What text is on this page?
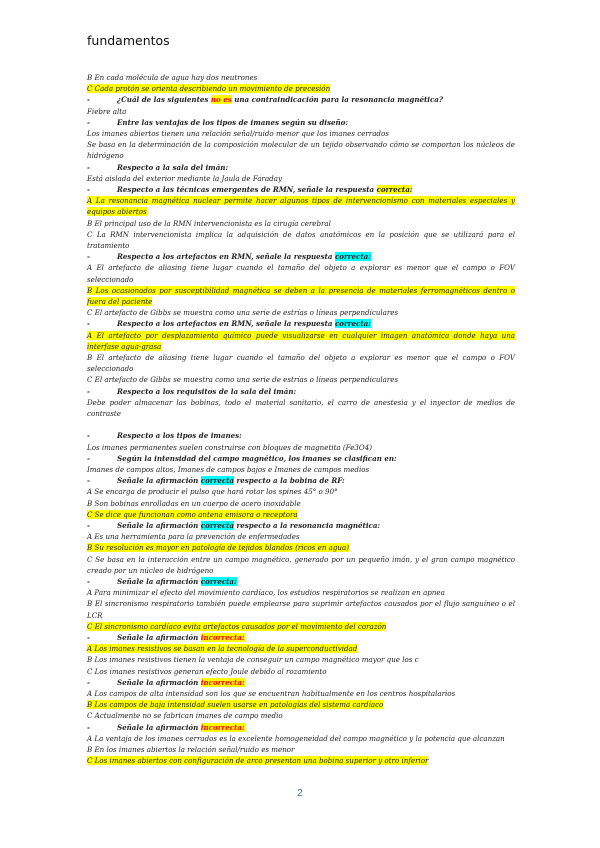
fundamentos

B En cada molécula de agua hay dos neutrones

C Cada protón se orienta describiendo un movimiento de precesión

-	¿Cuál de las siguientes no es una contraindicación para la resonancia magnética?

Fiebre alta

-	Entre las ventajas de los tipos de imanes según su diseño:

Los imanes abiertos tienen una relación señal/ruido menor que los imanes cerrados

Se basa en la determinación de la composición molecular de un tejido observando cómo se comportan los núcleos de hidrógeno

-	Respecto a la sala del imán:

Está aislada del exterior mediante la Jaula de Faraday

-	Respecto a las técnicas emergentes de RMN, señale la respuesta correcta:

A La resonancia magnética nuclear permite hacer algunos tipos de intervencionismo con materiales especiales y equipos abiertos

B El principal uso de la RMN intervencionista es la cirugía cerebral

C La RMN intervencionista implica la adquisición de datos anatómicos en la posición que se utilizará para el tratamiento

-	Respecto a los artefactos en RMN, señale la respuesta correcta:

A El artefacto de aliasing tiene lugar cuando el tamaño del objeto a explorar es menor que el campo o FOV seleccionado

B Los ocasionados por susceptibilidad magnética se deben a la presencia de materiales ferromagnéticos dentro o fuera del paciente

C El artefacto de Gibbs se muestra como una serie de estrías o líneas perpendiculares

-	Respecto a los artefactos en RMN, señale la respuesta correcta:

A El artefacto por desplazamiento químico puede visualizarse en cualquier imagen anatómica donde haya una interfase agua-grasa

B El artefacto de aliasing tiene lugar cuando el tamaño del objeto a explorar es menor que el campo o FOV seleccionado

C El artefacto de Gibbs se muestra como una serie de estrías o líneas perpendiculares

-	Respecto a los requisitos de la sala del imán:

Debe poder almacenar las bobinas, todo el material sanitario, el carro de anestesia y el inyector de medios de contraste

-	Respecto a los tipos de imanes:

Los imanes permanentes suelen construirse con bloques de magnetita (Fe3O4)

-	Según la intensidad del campo magnético, los imanes se clasifican en:

Imanes de campos altos, Imanes de campos bajos e Imanes de campos medios

-	Señale la afirmación correcta respecto a la bobina de RF:

A Se encarga de producir el pulso que hará rotar los spines 45° o 90°

B Son bobinas enrolladas en un cuerpo de acero inoxidable

C Se dice que funcionan como antena emisora o receptora

-	Señale la afirmación correcta respecto a la resonancia magnética:

A Es una herramienta para la prevención de enfermedades

B Su resolución es mayor en patología de tejidos blandos (ricos en agua)

C Se basa en la interacción entre un campo magnético, generado por un pequeño imán, y el gran campo magnético creado por un núcleo de hidrógeno

-	Señale la afirmación correcta:

A Para minimizar el efecto del movimiento cardíaco, los estudios respiratorios se realizan en apnea

B El sincronismo respiratorio también puede emplearse para suprimir artefactos causados por el flujo sanguíneo o el LCR

C El sincronismo cardíaco evita artefactos causados por el movimiento del corazón

-	Señale la afirmación incorrecta:

A Los imanes resistivos se basan en la tecnología de la superconductividad

B Los imanes resistivos tienen la ventaja de conseguir un campo magnético mayor que los c

C Los imanes resistivos generan efecto Joule debido al rozamiento

-	Señale la afirmación incorrecta:

A Los campos de alta intensidad son los que se encuentran habitualmente en los centros hospitalarios

B Los campos de baja intensidad suelen usarse en patologías del sistema cardíaco

C Actualmente no se fabrican imanes de campo medio

-	Señale la afirmación incorrecta:

A La ventaja de los imanes cerrados es la excelente homogeneidad del campo magnético y la potencia que alcanzan

B En los imanes abiertos la relación señal/ruido es menor

C Los imanes abiertos con configuración de arco presentan una bobina superior y otro inferior

2
